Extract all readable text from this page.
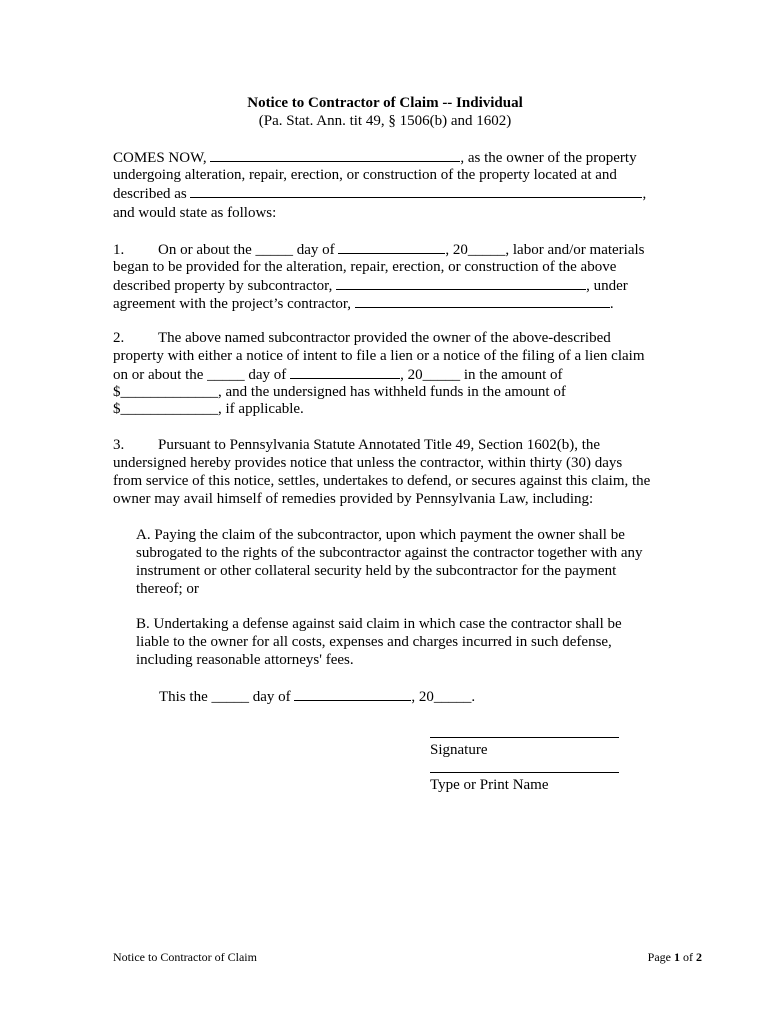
Notice to Contractor of Claim -- Individual
(Pa. Stat. Ann. tit 49, § 1506(b) and 1602)
COMES NOW,	, as the owner of the property
undergoing alteration, repair, erection, or construction of the property located at and
described as	,
and would state as follows:
1. On or about the _____ day of	, 20_____, labor and/or materials
began to be provided for the alteration, repair, erection, or construction of the above
described property by subcontractor,	, under
agreement with the project’s contractor,	.
2. The above named subcontractor provided the owner of the above-described
property with either a notice of intent to file a lien or a notice of the filing of a lien claim
on or about the _____ day of	, 20_____ in the amount of
$_____________, and the undersigned has withheld funds in the amount of
$_____________, if applicable.
3. Pursuant to Pennsylvania Statute Annotated Title 49, Section 1602(b), the
undersigned hereby provides notice that unless the contractor, within thirty (30) days
from service of this notice, settles, undertakes to defend, or secures against this claim, the
owner may avail himself of remedies provided by Pennsylvania Law, including:
A. Paying the claim of the subcontractor, upon which payment the owner shall be
subrogated to the rights of the subcontractor against the contractor together with any
instrument or other collateral security held by the subcontractor for the payment
thereof; or
B. Undertaking a defense against said claim in which case the contractor shall be
liable to the owner for all costs, expenses and charges incurred in such defense,
including reasonable attorneys' fees.
This the _____ day of	, 20_____.
Signature
Type or Print Name
Notice to Contractor of Claim	Page 1 of 2
